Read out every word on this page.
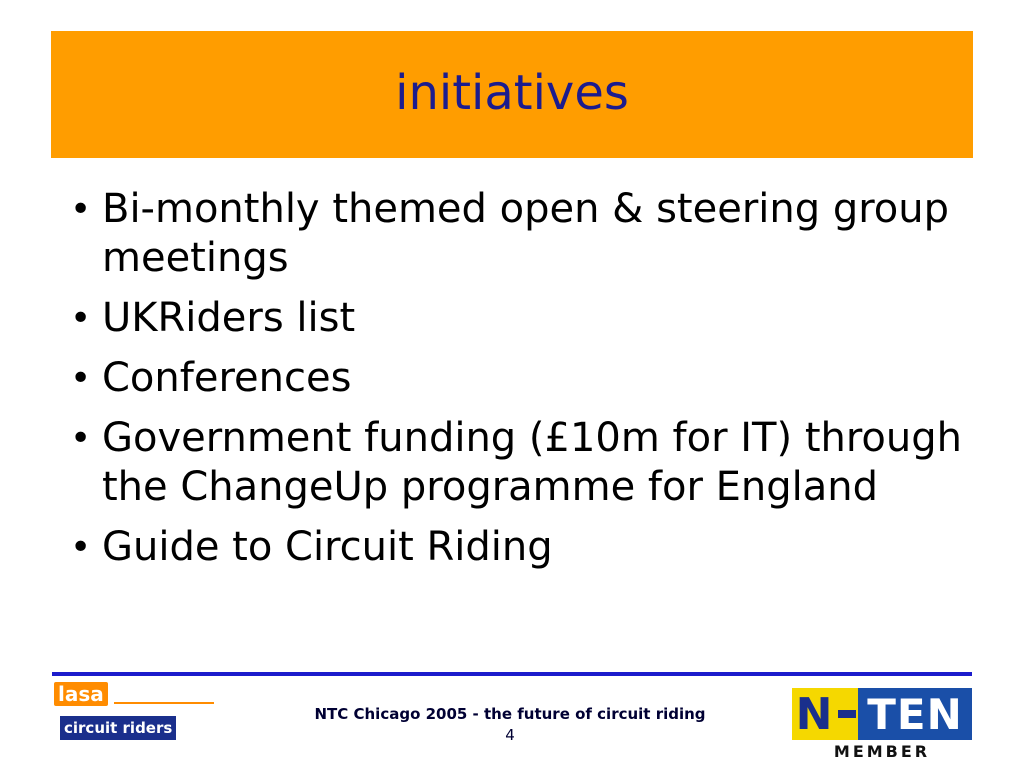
initiatives
• Bi-monthly themed open & steering group meetings
• UKRiders list
• Conferences
• Government funding (£10m for IT) through the ChangeUp programme for England
• Guide to Circuit Riding
lasa
circuit riders
NTC Chicago 2005 - the future of circuit riding
4	N TEN
MEMBER
